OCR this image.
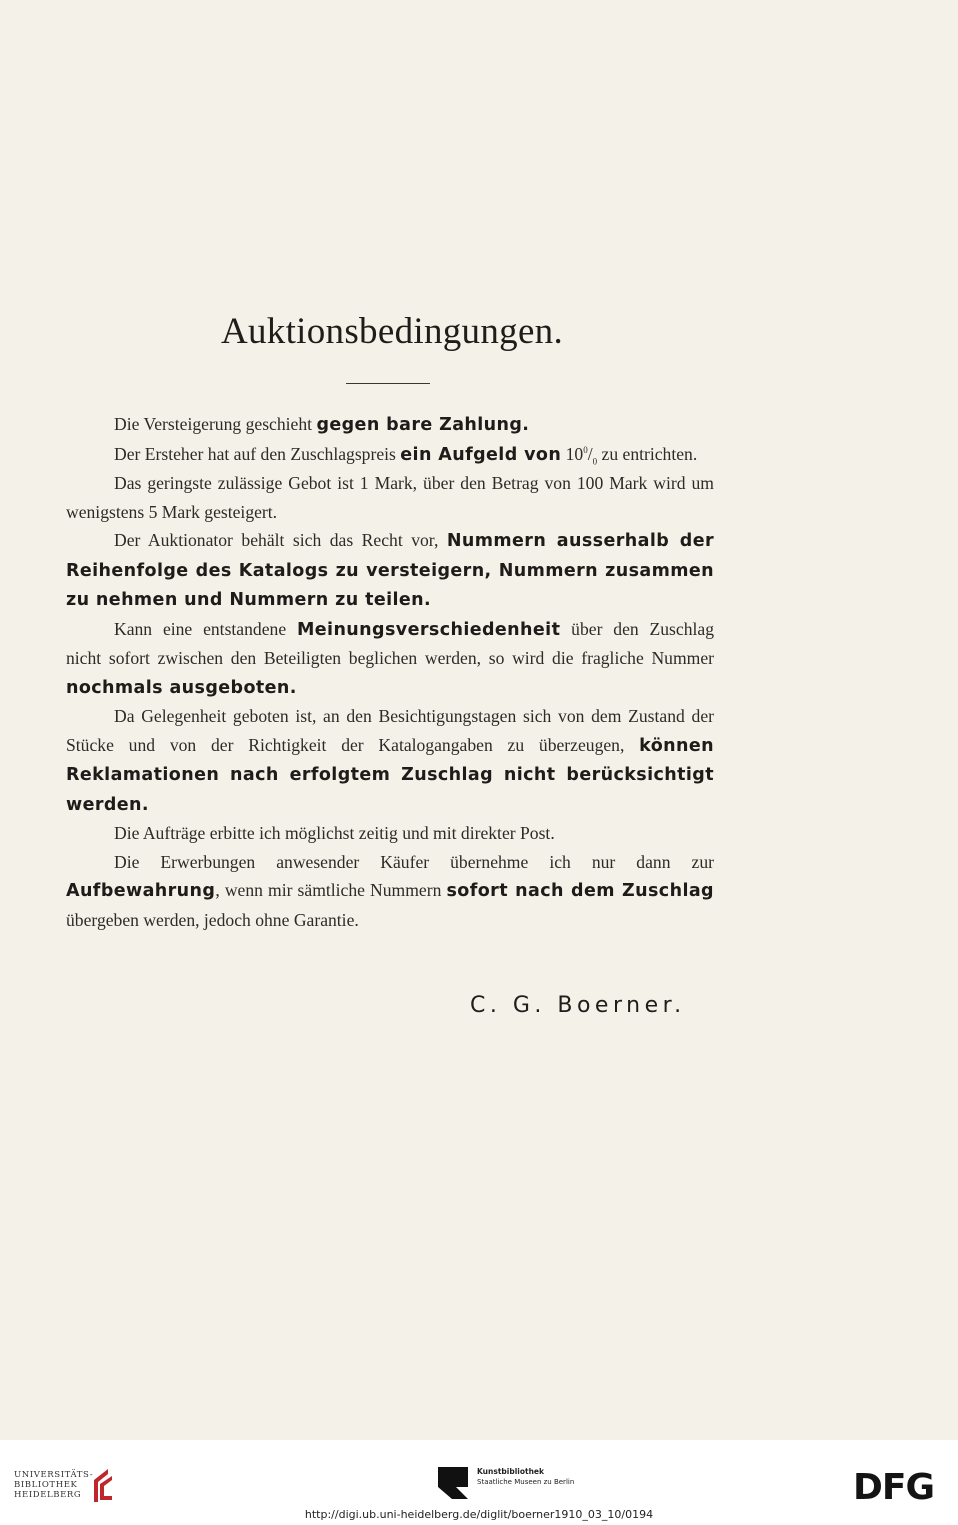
Auktionsbedingungen.

Die Versteigerung geschieht gegen bare Zahlung.

Der Ersteher hat auf den Zuschlagspreis ein Aufgeld von $10^0/_0$ zu entrichten.

Das geringste zulässige Gebot ist 1 Mark, über den Betrag von 100 Mark wird um wenigstens 5 Mark gesteigert.

Der Auktionator behält sich das Recht vor, Nummern ausserhalb der Reihenfolge des Katalogs zu versteigern, Nummern zusammen zu nehmen und Nummern zu teilen.

Kann eine entstandene Meinungsverschiedenheit über den Zuschlag nicht sofort zwischen den Beteiligten beglichen werden, so wird die fragliche Nummer nochmals ausgeboten.

Da Gelegenheit geboten ist, an den Besichtigungstagen sich von dem Zustand der Stücke und von der Richtigkeit der Katalogangaben zu überzeugen, können Reklamationen nach erfolgtem Zuschlag nicht berücksichtigt werden.

Die Aufträge erbitte ich möglichst zeitig und mit direkter Post.

Die Erwerbungen anwesender Käufer übernehme ich nur dann zur Aufbewahrung, wenn mir sämtliche Nummern sofort nach dem Zuschlag übergeben werden, jedoch ohne Garantie.

C. G. Boerner.
UNIVERSITÄTS-
BIBLIOTHEK
HEIDELBERG
Kunstbibliothek
Staatliche Museen zu Berlin	DFG
http://digi.ub.uni-heidelberg.de/diglit/boerner1910_03_10/0194
